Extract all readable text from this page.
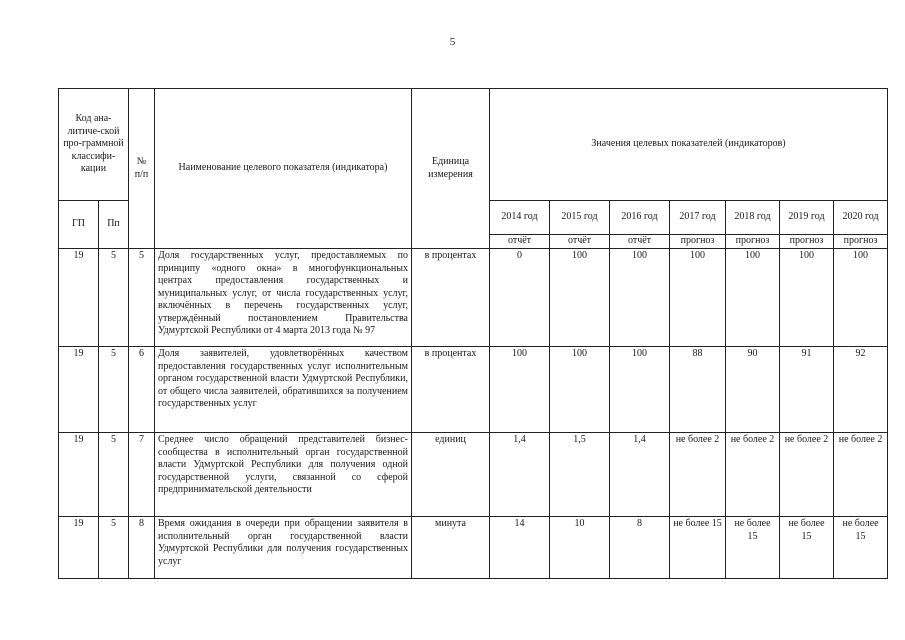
5
Код ана-литиче-ской про-граммной классифи-кации		№ п/п	Наименование целевого показателя (индикатора)	Единица измерения	Значения целевых показателей (индикаторов)						
ГП	Пп				2014 год	2015 год	2016 год	2017 год	2018 год	2019 год	2020 год
					отчёт	отчёт	отчёт	прогноз	прогноз	прогноз	прогноз
19	5	5	Доля государственных услуг, предоставляемых по принципу «одного окна» в многофункциональных центрах предоставления государственных и муниципальных услуг, от числа государственных услуг, включённых в перечень государственных услуг, утверждённый постановлением Правительства Удмуртской Республики от 4 марта 2013 года № 97	в процентах	0	100	100	100	100	100	100
19	5	6	Доля заявителей, удовлетворённых качеством предоставления государственных услуг исполнительным органом государственной власти Удмуртской Республики, от общего числа заявителей, обратившихся за получением государственных услуг	в процентах	100	100	100	88	90	91	92
19	5	7	Среднее число обращений представителей бизнес-сообщества в исполнительный орган государственной власти Удмуртской Республики для получения одной государственной услуги, связанной со сферой предпринимательской деятельности	единиц	1,4	1,5	1,4	не более 2	не более 2	не более 2	не более 2
19	5	8	Время ожидания в очереди при обращении заявителя в исполнительный орган государственной власти Удмуртской Республики для получения государственных услуг	минута	14	10	8	не более 15	не более 15	не более 15	не более 15
